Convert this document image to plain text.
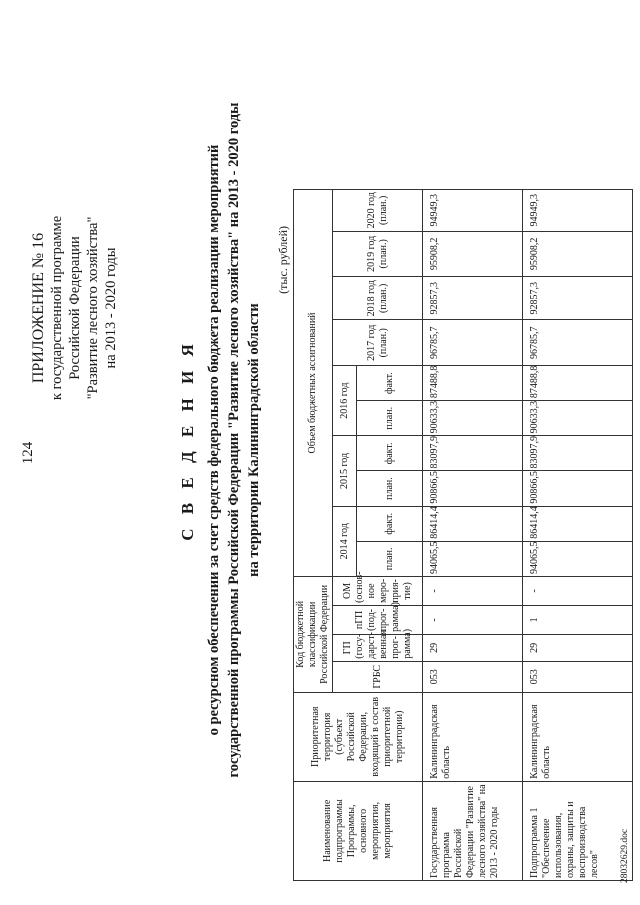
124
ПРИЛОЖЕНИЕ № 16 к государственной программе Российской Федерации "Развитие лесного хозяйства" на 2013 - 2020 годы
С В Е Д Е Н И Я о ресурсном обеспечении за счет средств федерального бюджета реализации мероприятий государственной программы Российской Федерации "Развитие лесного хозяйства" на 2013 - 2020 годы на территории Калининградской области
(тыс. рублей)
Наименование подпрограммы Программы, основного мероприятия, мероприятия	Приоритетная территория (субъект Российской Федерации, входящий в состав приоритетной территории)	Код бюджетной классификации Российской Федерации				Объем бюджетных ассигнований									
		ГРБС	ГП (госу-дарст-венная прог-рамма)	пГП (под-прог-рамма)	ОМ (основ-ное меро-прия-тие)	2014 год		2015 год		2016 год		2017 год (план.)	2018 год (план.)	2019 год (план.)	2020 год (план.)
						план.	факт.	план.	факт.	план.	факт.				
Государственная программа Российской Федерации "Развитие лесного хозяйства" на 2013 - 2020 годы	Калининградская область	053	29	-	-	94065,5	86414,4	90866,5	83097,9	90633,3	87488,8	96785,7	92857,3	95908,2	94949,3
Подпрограмма 1 "Обеспечение использования, охраны, защиты и воспроизводства лесов"	Калининградская область	053	29	1	-	94065,5	86414,4	90866,5	83097,9	90633,3	87488,8	96785,7	92857,3	95908,2	94949,3
28032629.doc
